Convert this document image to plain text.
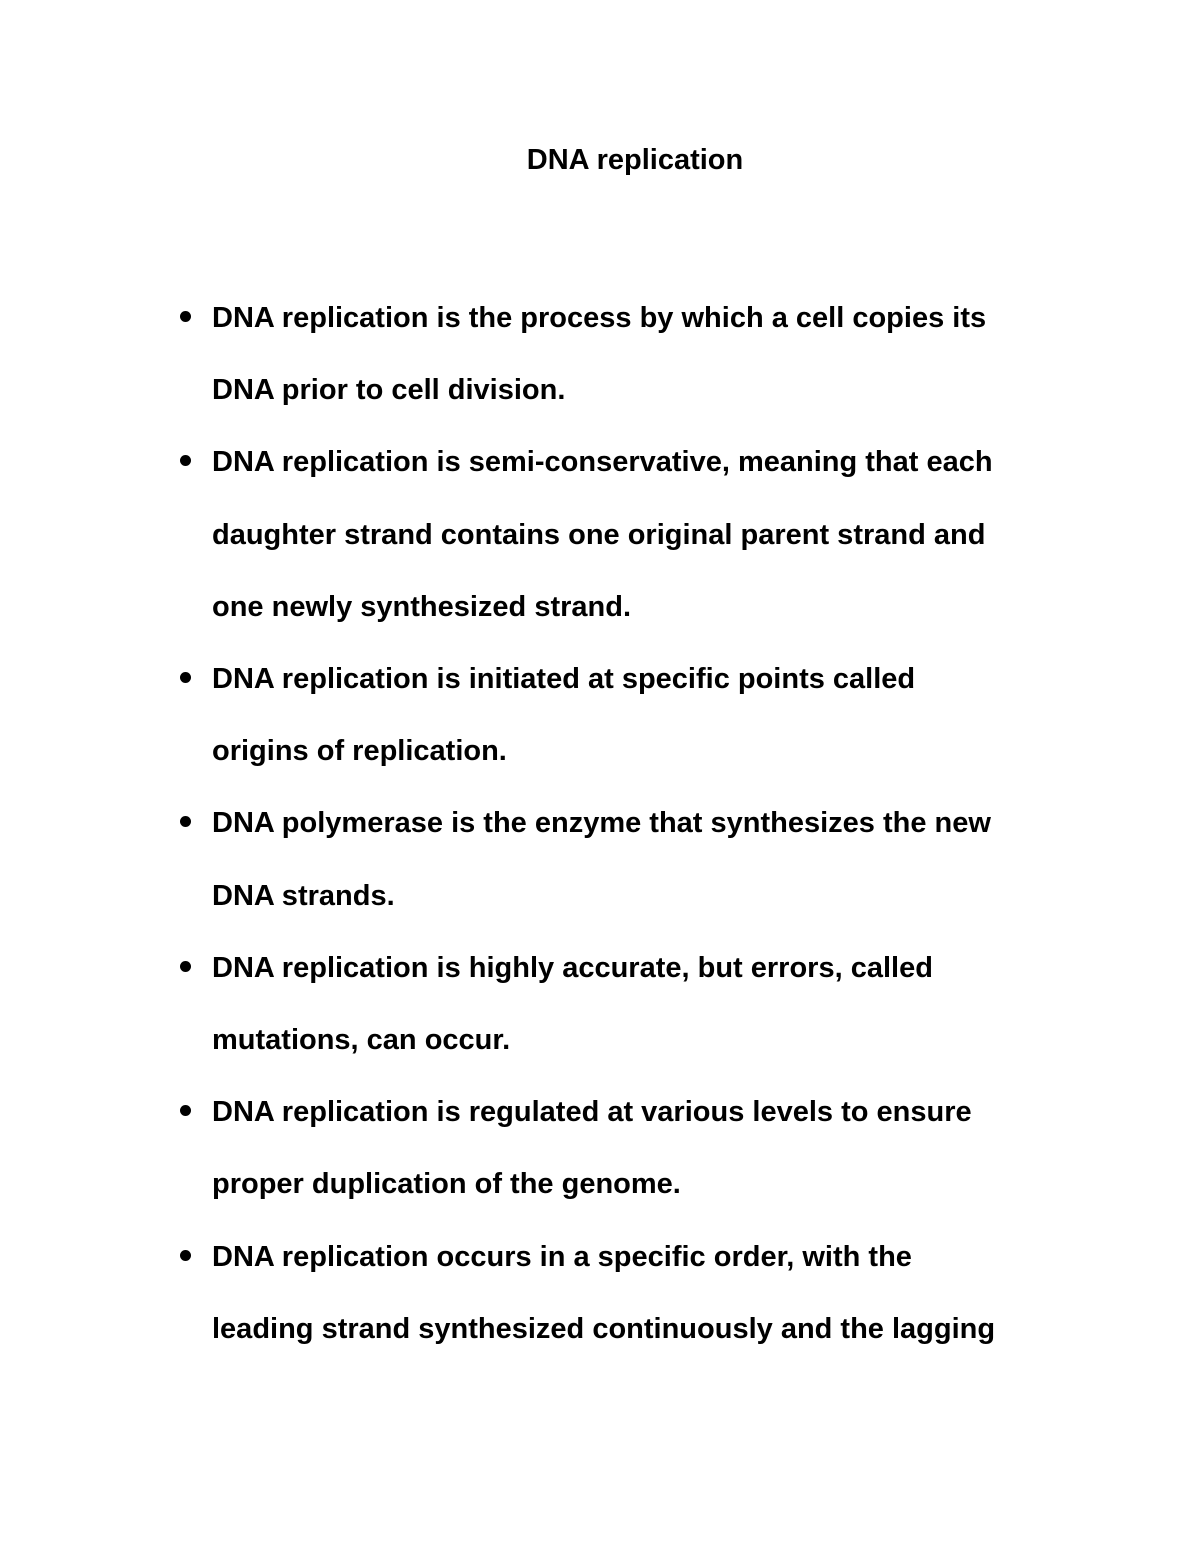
DNA replication
DNA replication is the process by which a cell copies its
DNA prior to cell division.
DNA replication is semi-conservative, meaning that each
daughter strand contains one original parent strand and
one newly synthesized strand.
DNA replication is initiated at specific points called
origins of replication.
DNA polymerase is the enzyme that synthesizes the new
DNA strands.
DNA replication is highly accurate, but errors, called
mutations, can occur.
DNA replication is regulated at various levels to ensure
proper duplication of the genome.
DNA replication occurs in a specific order, with the
leading strand synthesized continuously and the lagging
